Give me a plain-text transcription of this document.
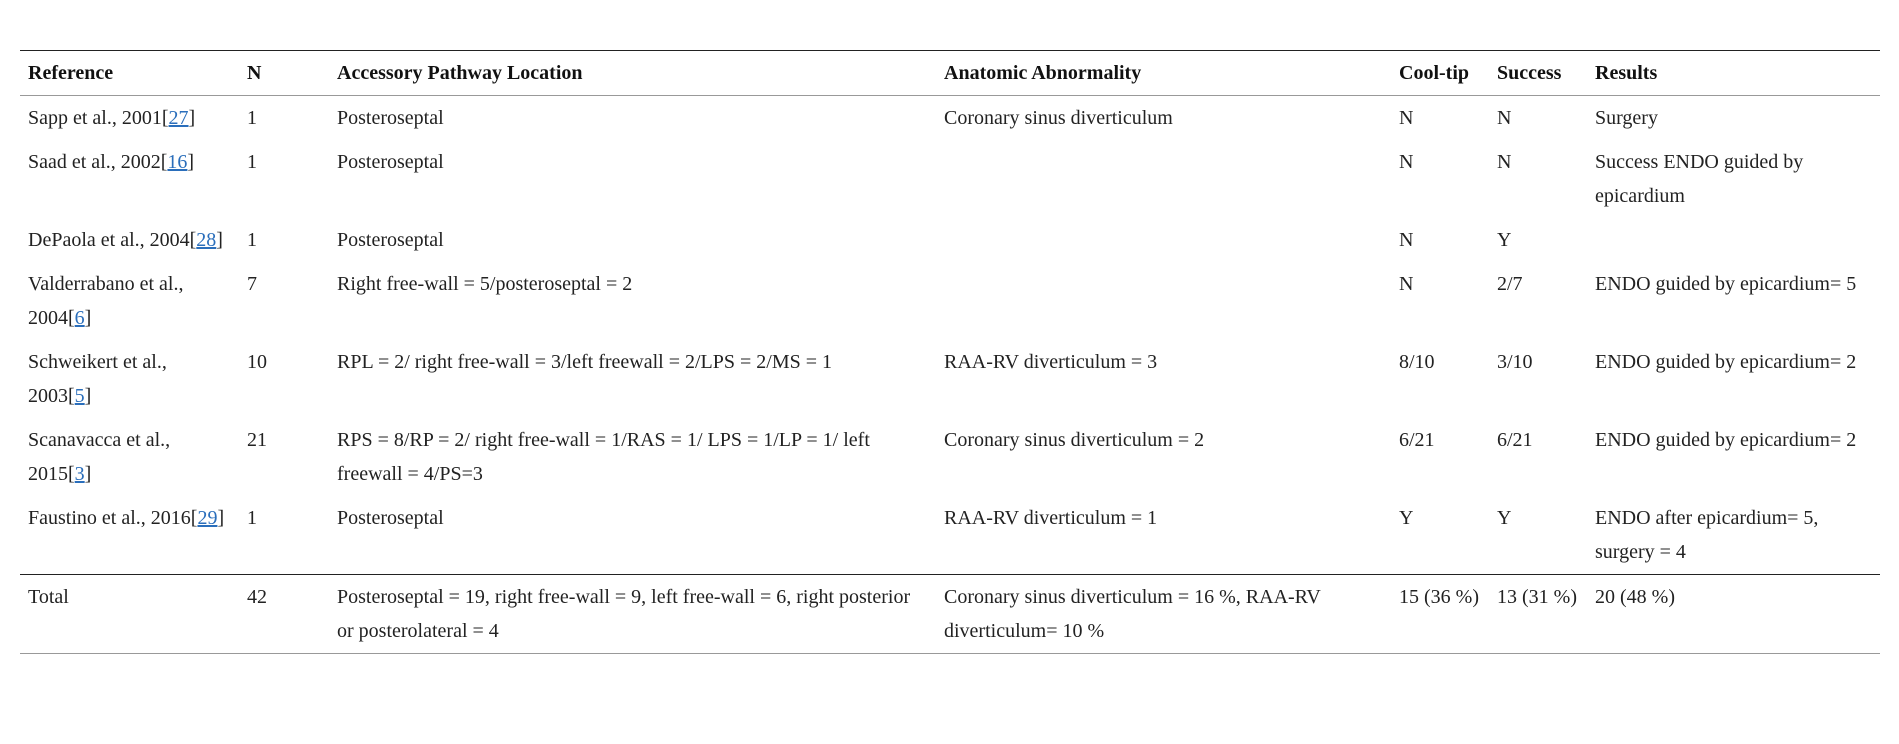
Reference	N	Accessory Pathway Location	Anatomic Abnormality	Cool-tip	Success	Results
Sapp et al., 2001[27]	1	Posteroseptal	Coronary sinus diverticulum	N	N	Surgery
Saad et al., 2002[16]	1	Posteroseptal		N	N	Success ENDO guided by epicardium
DePaola et al., 2004[28]	1	Posteroseptal		N	Y	
Valderrabano et al., 2004[6]	7	Right free-wall = 5/posteroseptal = 2		N	2/7	ENDO guided by epicardium= 5
Schweikert et al., 2003[5]	10	RPL = 2/ right free-wall = 3/left freewall = 2/LPS = 2/MS = 1	RAA-RV diverticulum = 3	8/10	3/10	ENDO guided by epicardium= 2
Scanavacca et al., 2015[3]	21	RPS = 8/RP = 2/ right free-wall = 1/RAS = 1/ LPS = 1/LP = 1/ left freewall = 4/PS=3	Coronary sinus diverticulum = 2	6/21	6/21	ENDO guided by epicardium= 2
Faustino et al., 2016[29]	1	Posteroseptal	RAA-RV diverticulum = 1	Y	Y	ENDO after epicardium= 5, surgery = 4
Total	42	Posteroseptal = 19, right free-wall = 9, left free-wall = 6, right posterior or posterolateral = 4	Coronary sinus diverticulum = 16 %, RAA-RV diverticulum= 10 %	15 (36 %)	13 (31 %)	20 (48 %)
